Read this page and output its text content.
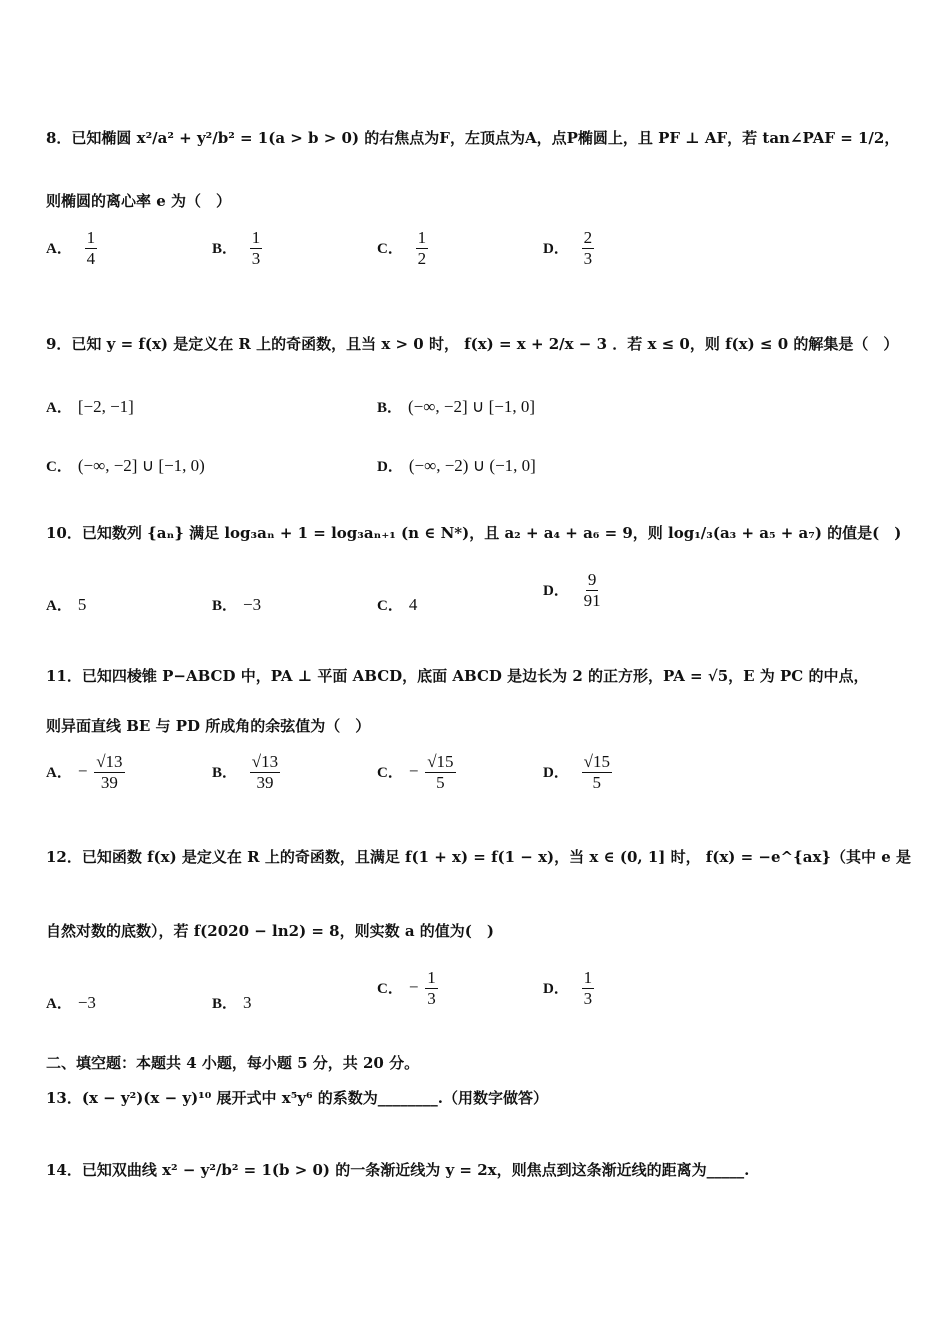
8．已知椭圆 x²/a² + y²/b² = 1(a > b > 0) 的右焦点为F，左顶点为A，点P椭圆上，且 PF ⊥ AF，若 tan∠PAF = 1/2，
则椭圆的离心率 e 为（　）
A． $\frac{1}{4}$	B． $\frac{1}{3}$	C． $\frac{1}{2}$	D． $\frac{2}{3}$
9．已知 y = f(x) 是定义在 R 上的奇函数，且当 x > 0 时， f(x) = x + 2/x − 3 ．若 x ≤ 0，则 f(x) ≤ 0 的解集是（　）
A． [−2, −1]	B． (−∞, −2] ∪ [−1, 0]
C． (−∞, −2] ∪ [−1, 0)	D． (−∞, −2) ∪ (−1, 0]
10．已知数列 {aₙ} 满足 log₃aₙ + 1 = log₃aₙ₊₁ (n ∈ N*)，且 a₂ + a₄ + a₆ = 9，则 log₁/₃(a₃ + a₅ + a₇) 的值是(　)
A． 5	B． −3	C． 4
D． $\frac{9}{91}$
11．已知四棱锥 P−ABCD 中，PA ⊥ 平面 ABCD，底面 ABCD 是边长为 2 的正方形，PA = √5，E 为 PC 的中点，
则异面直线 BE 与 PD 所成角的余弦值为（　）
A． − $\frac{√13}{39}$	B． $\frac{√13}{39}$	C． − $\frac{√15}{5}$	D． $\frac{√15}{5}$
12．已知函数 f(x) 是定义在 R 上的奇函数，且满足 f(1 + x) = f(1 − x)，当 x ∈ (0, 1] 时， f(x) = −e^{ax}（其中 e 是
自然对数的底数），若 f(2020 − ln2) = 8，则实数 a 的值为(　)
A． −3	B． 3
C． − $\frac{1}{3}$	D． $\frac{1}{3}$
二、填空题：本题共 4 小题，每小题 5 分，共 20 分。
13．(x − y²)(x − y)¹⁰ 展开式中 x⁵y⁶ 的系数为________.（用数字做答）
14．已知双曲线 x² − y²/b² = 1(b > 0) 的一条渐近线为 y = 2x，则焦点到这条渐近线的距离为_____.
